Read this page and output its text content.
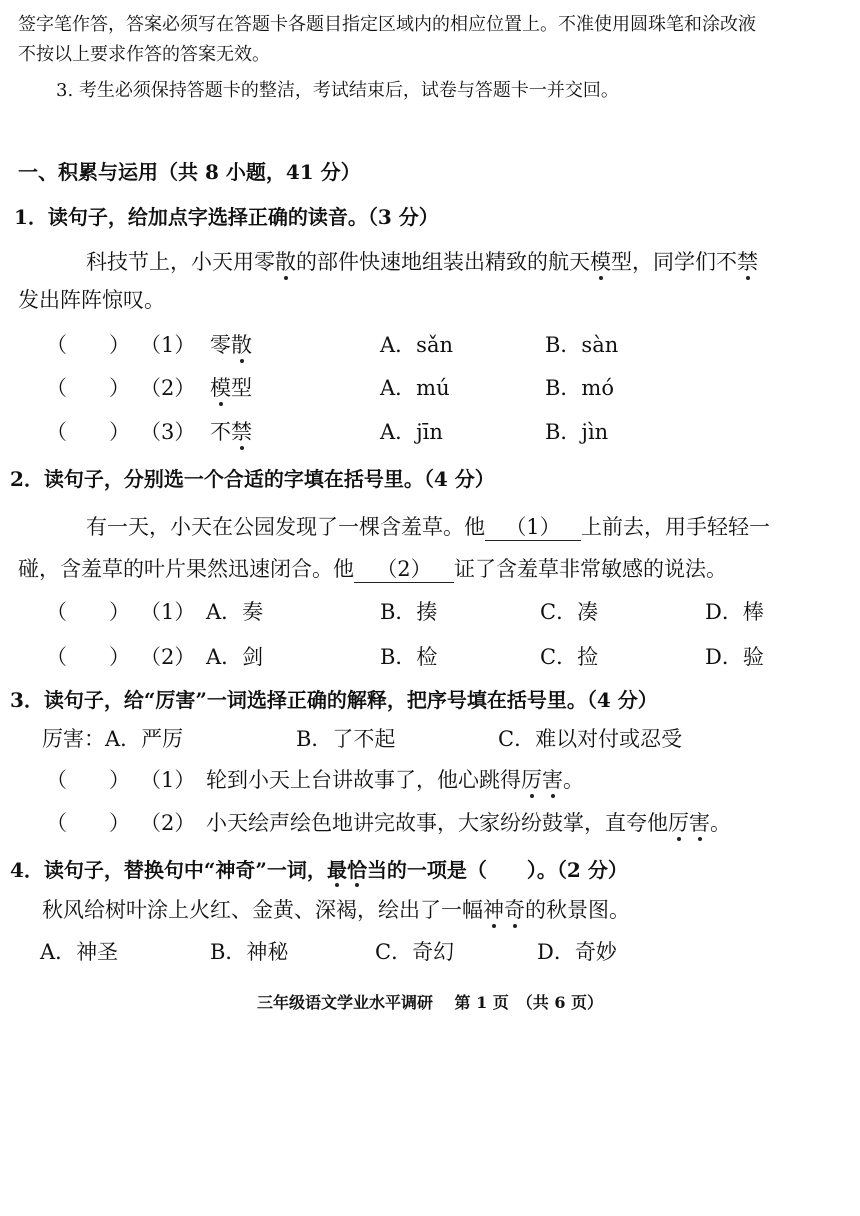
签字笔作答，答案必须写在答题卡各题目指定区域内的相应位置上。不准使用圆珠笔和涂改液
不按以上要求作答的答案无效。
3. 考生必须保持答题卡的整洁，考试结束后，试卷与答题卡一并交回。
一、积累与运用（共 8 小题，41 分）
1．读句子，给加点字选择正确的读音。（3 分）
科技节上，小天用零散的部件快速地组装出精致的航天模型，同学们不禁
发出阵阵惊叹。
（　　） （1） 零散	A．sǎn	B．sàn
（　　） （2） 模型	A．mú	B．mó
（　　） （3） 不禁	A．jīn	B．jìn
2．读句子，分别选一个合适的字填在括号里。（4 分）
有一天，小天在公园发现了一棵含羞草。他 （1） 上前去，用手轻轻一
碰，含羞草的叶片果然迅速闭合。他 （2） 证了含羞草非常敏感的说法。
（　　） （1） A．奏	B．揍	C．凑	D．棒
（　　） （2） A．剑	B．检	C．捡	D．验
3．读句子，给“厉害”一词选择正确的解释，把序号填在括号里。（4 分）
厉害：A．严厉	B．了不起	C．难以对付或忍受
（　　） （1） 轮到小天上台讲故事了，他心跳得厉害。
（　　） （2） 小天绘声绘色地讲完故事，大家纷纷鼓掌，直夸他厉害。
4．读句子，替换句中“神奇”一词，最恰当的一项是（　　）。（2 分）
秋风给树叶涂上火红、金黄、深褐，绘出了一幅神奇的秋景图。
A．神圣	B．神秘	C．奇幻	D．奇妙
三年级语文学业水平调研　 第 1 页　（共 6 页）
